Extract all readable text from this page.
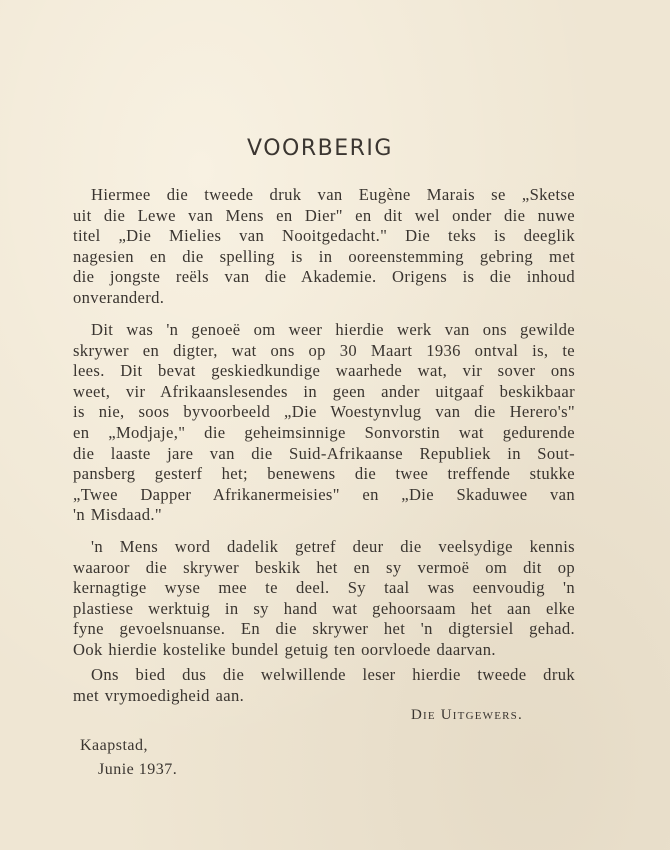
VOORBERIG
Hiermee die tweede druk van Eugène Marais se „Sketse
uit die Lewe van Mens en Dier" en dit wel onder die nuwe
titel „Die Mielies van Nooitgedacht." Die teks is deeglik
nagesien en die spelling is in ooreenstemming gebring met
die jongste reëls van die Akademie. Origens is die inhoud
onveranderd.
Dit was 'n genoeë om weer hierdie werk van ons gewilde
skrywer en digter, wat ons op 30 Maart 1936 ontval is, te
lees. Dit bevat geskiedkundige waarhede wat, vir sover ons
weet, vir Afrikaanslesendes in geen ander uitgaaf beskikbaar
is nie, soos byvoorbeeld „Die Woestynvlug van die Herero's"
en „Modjaje," die geheimsinnige Sonvorstin wat gedurende
die laaste jare van die Suid-Afrikaanse Republiek in Sout-
pansberg gesterf het; benewens die twee treffende stukke
„Twee Dapper Afrikanermeisies" en „Die Skaduwee van
'n Misdaad."
'n Mens word dadelik getref deur die veelsydige kennis
waaroor die skrywer beskik het en sy vermoë om dit op
kernagtige wyse mee te deel. Sy taal was eenvoudig 'n
plastiese werktuig in sy hand wat gehoorsaam het aan elke
fyne gevoelsnuanse. En die skrywer het 'n digtersiel gehad.
Ook hierdie kostelike bundel getuig ten oorvloede daarvan.
Ons bied dus die welwillende leser hierdie tweede druk
met vrymoedigheid aan.
Die Uitgewers.
Kaapstad,
Junie 1937.
